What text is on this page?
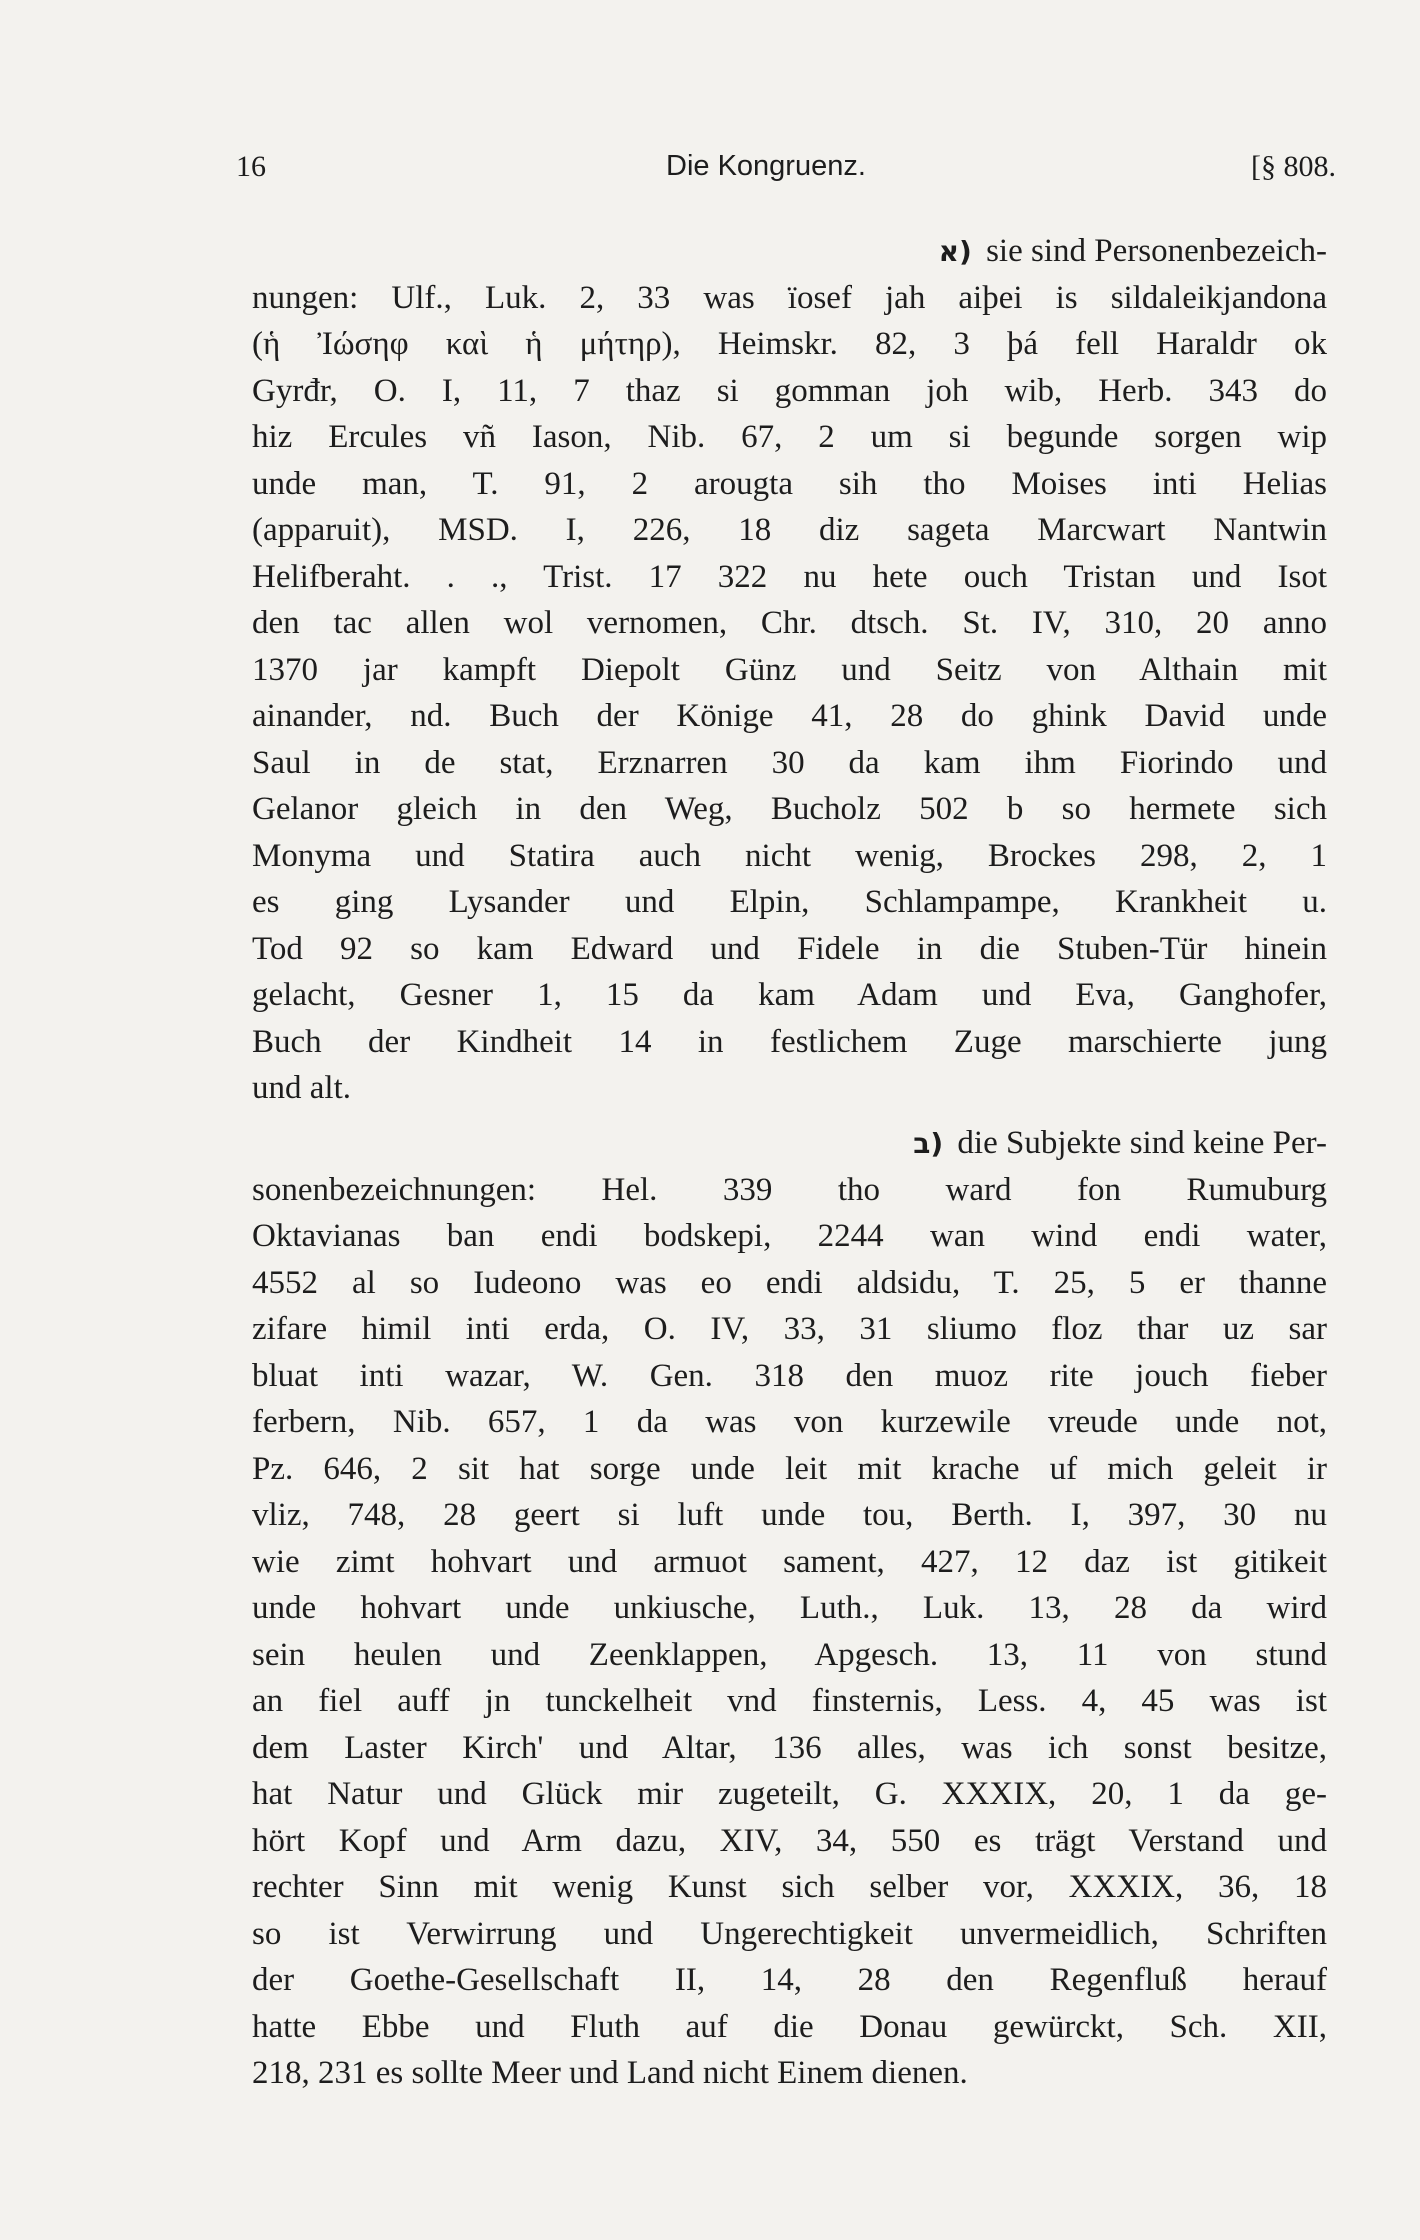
16	Die Kongruenz.	[§ 808.
א) sie sind Personenbezeich-
nungen: Ulf., Luk. 2, 33 was ïosef jah aiþei is sildaleikjandona
(ἡ Ἰώσηφ καὶ ἡ μήτηρ), Heimskr. 82, 3 þá fell Haraldr ok
Gyrđr, O. I, 11, 7 thaz si gomman joh wib, Herb. 343 do
hiz Ercules vñ Iason, Nib. 67, 2 um si begunde sorgen wip
unde man, T. 91, 2 arougta sih tho Moises inti Helias
(apparuit), MSD. I, 226, 18 diz sageta Marcwart Nantwin
Helifberaht. . ., Trist. 17 322 nu hete ouch Tristan und Isot
den tac allen wol vernomen, Chr. dtsch. St. IV, 310, 20 anno
1370 jar kampft Diepolt Günz und Seitz von Althain mit
ainander, nd. Buch der Könige 41, 28 do ghink David unde
Saul in de stat, Erznarren 30 da kam ihm Fiorindo und
Gelanor gleich in den Weg, Bucholz 502 b so hermete sich
Monyma und Statira auch nicht wenig, Brockes 298, 2, 1
es ging Lysander und Elpin, Schlampampe, Krankheit u.
Tod 92 so kam Edward und Fidele in die Stuben-Tür hinein
gelacht, Gesner 1, 15 da kam Adam und Eva, Ganghofer,
Buch der Kindheit 14 in festlichem Zuge marschierte jung
und alt.
ב) die Subjekte sind keine Per-
sonenbezeichnungen: Hel. 339 tho ward fon Rumuburg
Oktavianas ban endi bodskepi, 2244 wan wind endi water,
4552 al so Iudeono was eo endi aldsidu, T. 25, 5 er thanne
zifare himil inti erda, O. IV, 33, 31 sliumo floz thar uz sar
bluat inti wazar, W. Gen. 318 den muoz rite jouch fieber
ferbern, Nib. 657, 1 da was von kurzewile vreude unde not,
Pz. 646, 2 sit hat sorge unde leit mit krache uf mich geleit ir
vliz, 748, 28 geert si luft unde tou, Berth. I, 397, 30 nu
wie zimt hohvart und armuot sament, 427, 12 daz ist gitikeit
unde hohvart unde unkiusche, Luth., Luk. 13, 28 da wird
sein heulen und Zeenklappen, Apgesch. 13, 11 von stund
an fiel auff jn tunckelheit vnd finsternis, Less. 4, 45 was ist
dem Laster Kirch' und Altar, 136 alles, was ich sonst besitze,
hat Natur und Glück mir zugeteilt, G. XXXIX, 20, 1 da ge-
hört Kopf und Arm dazu, XIV, 34, 550 es trägt Verstand und
rechter Sinn mit wenig Kunst sich selber vor, XXXIX, 36, 18
so ist Verwirrung und Ungerechtigkeit unvermeidlich, Schriften
der Goethe-Gesellschaft II, 14, 28 den Regenfluß herauf
hatte Ebbe und Fluth auf die Donau gewürckt, Sch. XII,
218, 231 es sollte Meer und Land nicht Einem dienen.
